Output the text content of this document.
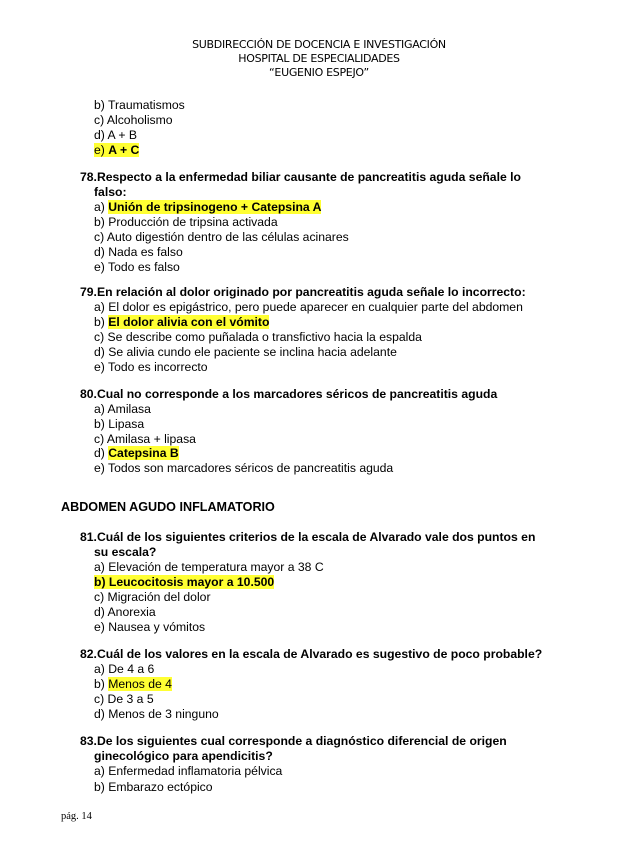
SUBDIRECCIÓN DE DOCENCIA E INVESTIGACIÓN
HOSPITAL DE ESPECIALIDADES
“EUGENIO ESPEJO”
b) Traumatismos
c) Alcoholismo
d) A + B
e) A + C
78.Respecto a la enfermedad biliar causante de pancreatitis aguda señale lo
falso:
a) Unión de tripsinogeno + Catepsina A
b) Producción de tripsina activada
c) Auto digestión dentro de las células acinares
d) Nada es falso
e) Todo es falso
79.En relación al dolor originado por pancreatitis aguda señale lo incorrecto:
a) El dolor es epigástrico, pero puede aparecer en cualquier parte del abdomen
b) El dolor alivia con el vómito
c) Se describe como puñalada o transfictivo hacia la espalda
d) Se alivia cundo ele paciente se inclina hacia adelante
e) Todo es incorrecto
80.Cual no corresponde a los marcadores séricos de pancreatitis aguda
a) Amilasa
b) Lipasa
c) Amilasa + lipasa
d) Catepsina B
e) Todos son marcadores séricos de pancreatitis aguda
ABDOMEN AGUDO INFLAMATORIO
81.Cuál de los siguientes criterios de la escala de Alvarado vale dos puntos en
su escala?
a) Elevación de temperatura mayor a 38 C
b) Leucocitosis mayor a 10.500
c) Migración del dolor
d) Anorexia
e) Nausea y vómitos
82.Cuál de los valores en la escala de Alvarado es sugestivo de poco probable?
a) De 4 a 6
b) Menos de 4
c) De 3 a 5
d) Menos de 3 ninguno
83.De los siguientes cual corresponde a diagnóstico diferencial de origen
ginecológico para apendicitis?
a) Enfermedad inflamatoria pélvica
b) Embarazo ectópico
pág. 14
